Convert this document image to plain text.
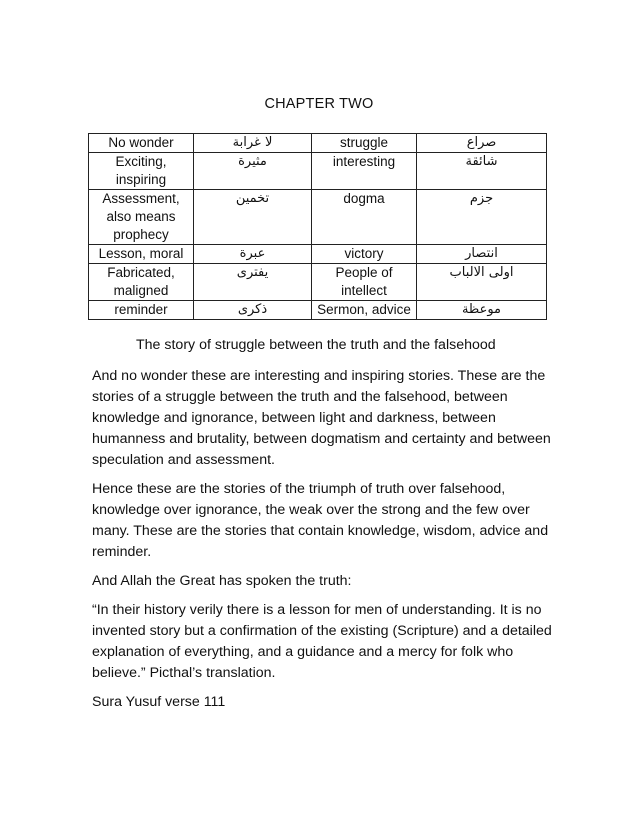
CHAPTER TWO
No wonder	لا غرابة	struggle	صراع
Exciting, inspiring	مثيرة	interesting	شائقة
Assessment, also means prophecy	تخمين	dogma	جزم
Lesson, moral	عبرة	victory	انتصار
Fabricated, maligned	يفترى	People of intellect	اولى الالباب
reminder	ذكرى	Sermon, advice	موعظة

The story of struggle between the truth and the falsehood

And no wonder these are interesting and inspiring stories. These are the stories of a struggle between the truth and the falsehood, between knowledge and ignorance, between light and darkness, between humanness and brutality, between dogmatism and certainty and between speculation and assessment.

Hence these are the stories of the triumph of truth over falsehood, knowledge over ignorance, the weak over the strong and the few over many. These are the stories that contain knowledge, wisdom, advice and reminder.

And Allah the Great has spoken the truth:

“In their history verily there is a lesson for men of understanding. It is no invented story but a confirmation of the existing (Scripture) and a detailed explanation of everything, and a guidance and a mercy for folk who believe.” Picthal’s translation.

Sura Yusuf verse 111
